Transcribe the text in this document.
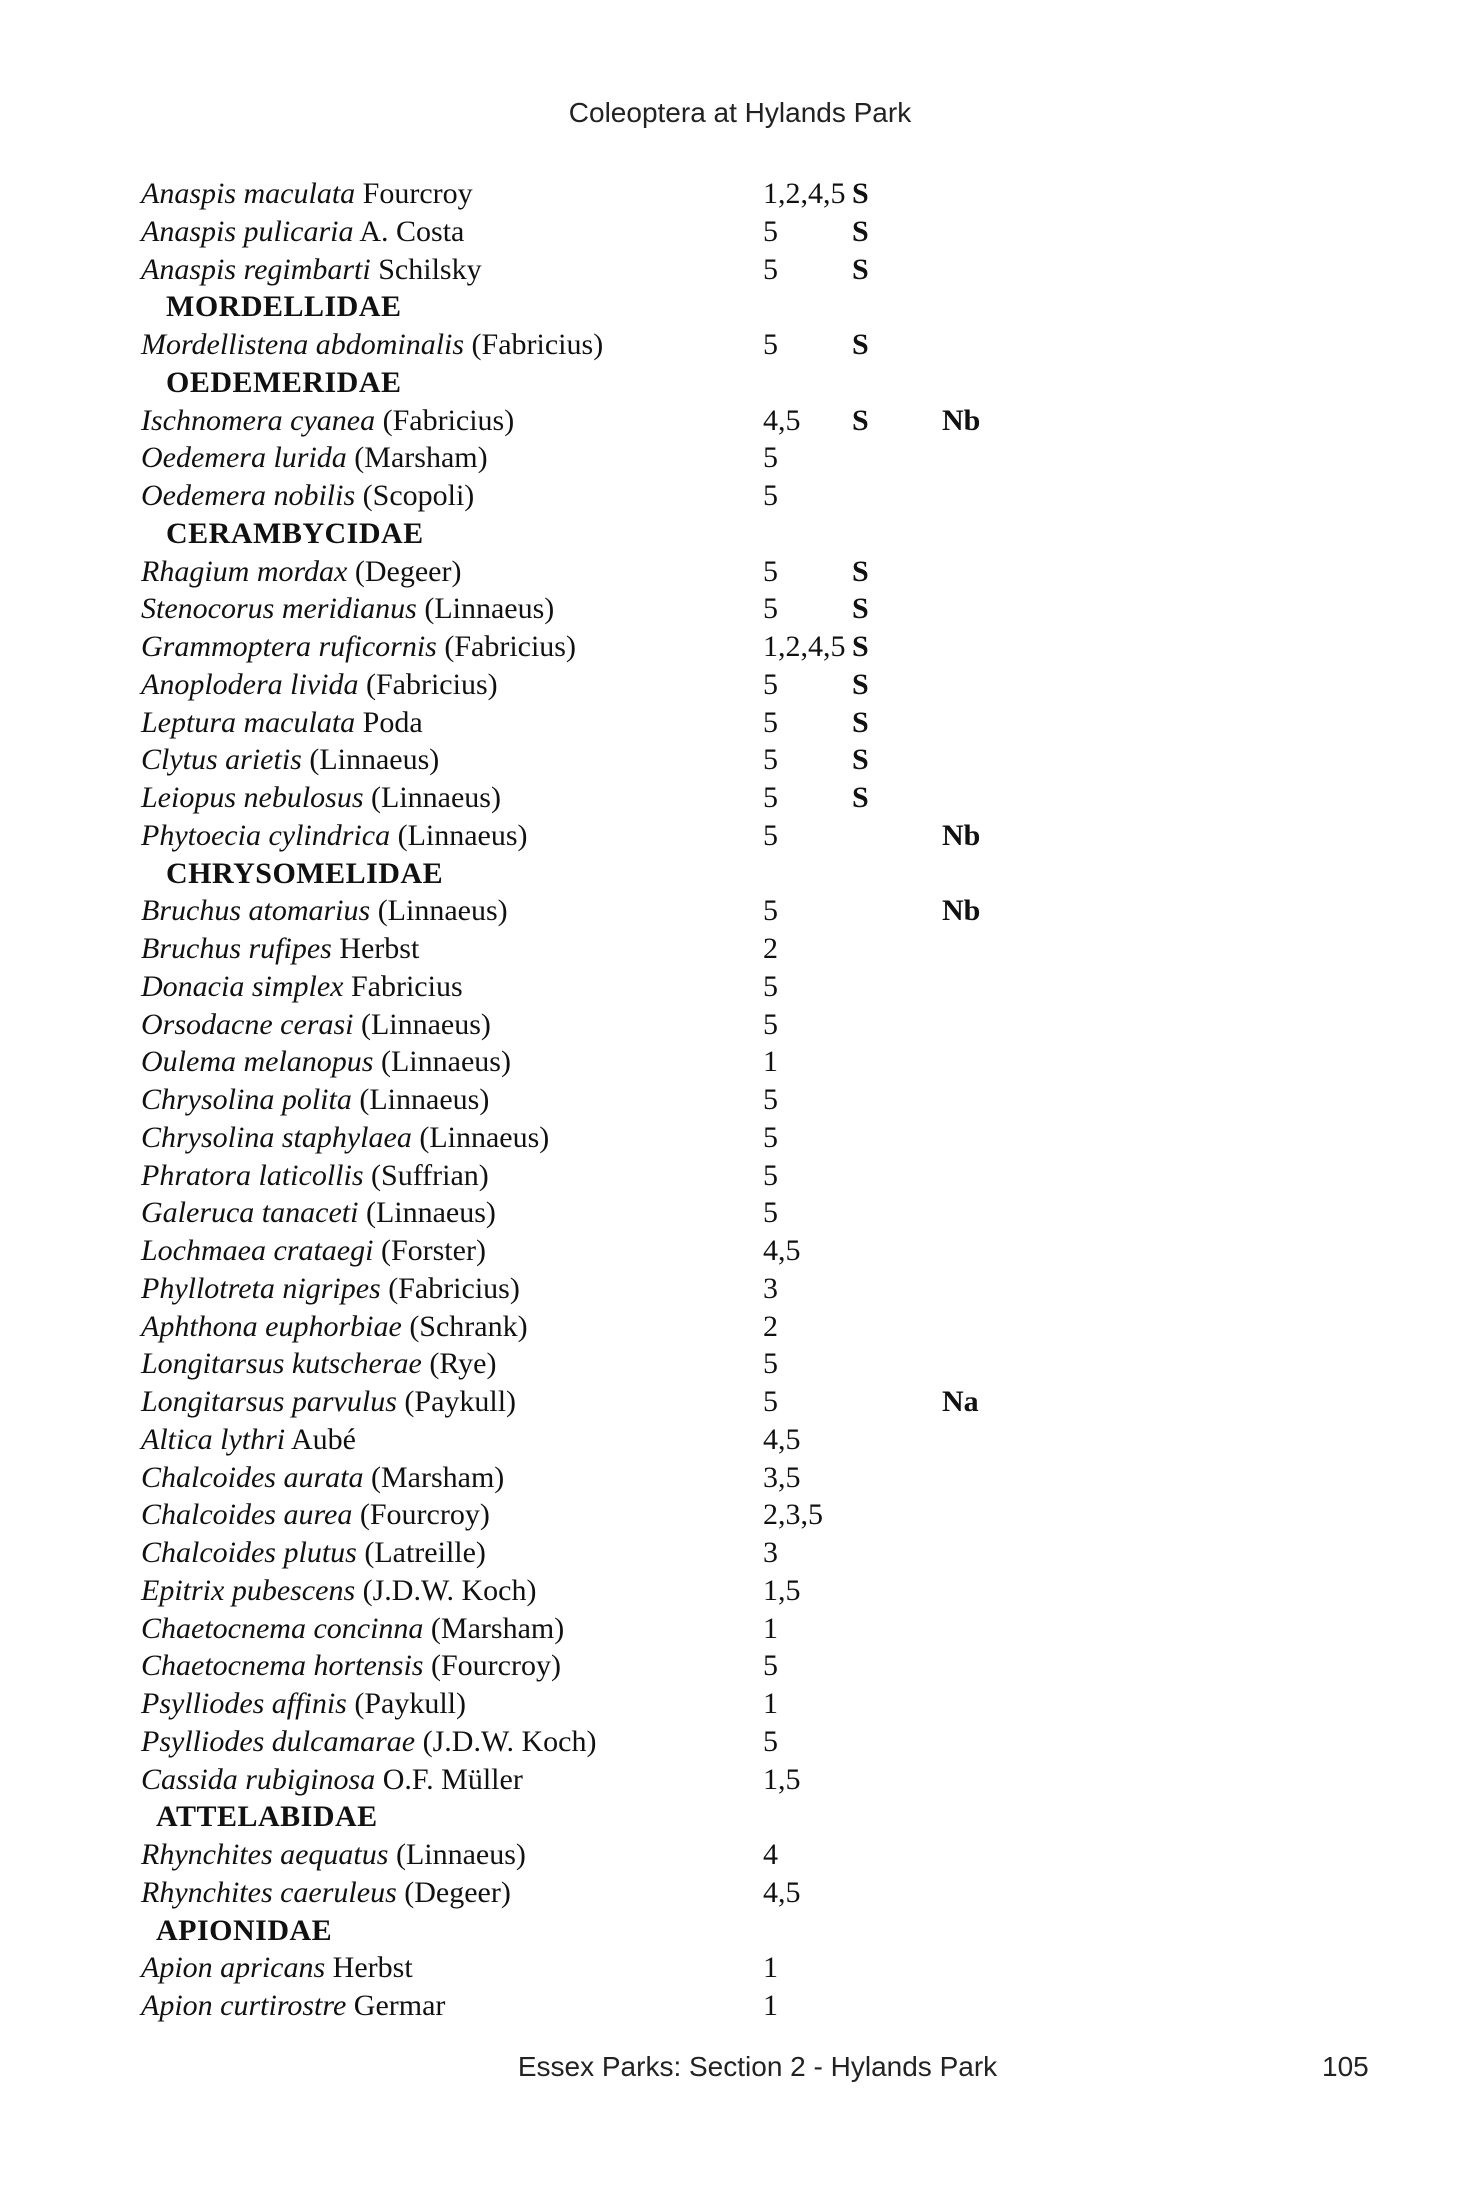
Coleoptera at Hylands Park
Anaspis maculata Fourcroy	1,2,4,5 S
Anaspis pulicaria A. Costa	5 S
Anaspis regimbarti Schilsky	5 S
MORDELLIDAE
Mordellistena abdominalis (Fabricius)	5 S
OEDEMERIDAE
Ischnomera cyanea (Fabricius)	4,5 S Nb
Oedemera lurida (Marsham)	5
Oedemera nobilis (Scopoli)	5
CERAMBYCIDAE
Rhagium mordax (Degeer)	5 S
Stenocorus meridianus (Linnaeus)	5 S
Grammoptera ruficornis (Fabricius)	1,2,4,5 S
Anoplodera livida (Fabricius)	5 S
Leptura maculata Poda	5 S
Clytus arietis (Linnaeus)	5 S
Leiopus nebulosus (Linnaeus)	5 S
Phytoecia cylindrica (Linnaeus)	5	Nb
CHRYSOMELIDAE
Bruchus atomarius (Linnaeus)	5	Nb
Bruchus rufipes Herbst	2
Donacia simplex Fabricius	5
Orsodacne cerasi (Linnaeus)	5
Oulema melanopus (Linnaeus)	1
Chrysolina polita (Linnaeus)	5
Chrysolina staphylaea (Linnaeus)	5
Phratora laticollis (Suffrian)	5
Galeruca tanaceti (Linnaeus)	5
Lochmaea crataegi (Forster)	4,5
Phyllotreta nigripes (Fabricius)	3
Aphthona euphorbiae (Schrank)	2
Longitarsus kutscherae (Rye)	5
Longitarsus parvulus (Paykull)	5	Na
Altica lythri Aubé	4,5
Chalcoides aurata (Marsham)	3,5
Chalcoides aurea (Fourcroy)	2,3,5
Chalcoides plutus (Latreille)	3
Epitrix pubescens (J.D.W. Koch)	1,5
Chaetocnema concinna (Marsham)	1
Chaetocnema hortensis (Fourcroy)	5
Psylliodes affinis (Paykull)	1
Psylliodes dulcamarae (J.D.W. Koch)	5
Cassida rubiginosa O.F. Müller	1,5
ATTELABIDAE
Rhynchites aequatus (Linnaeus)	4
Rhynchites caeruleus (Degeer)	4,5
APIONIDAE
Apion apricans Herbst	1
Apion curtirostre Germar	1
Essex Parks: Section 2 - Hylands Park	105
